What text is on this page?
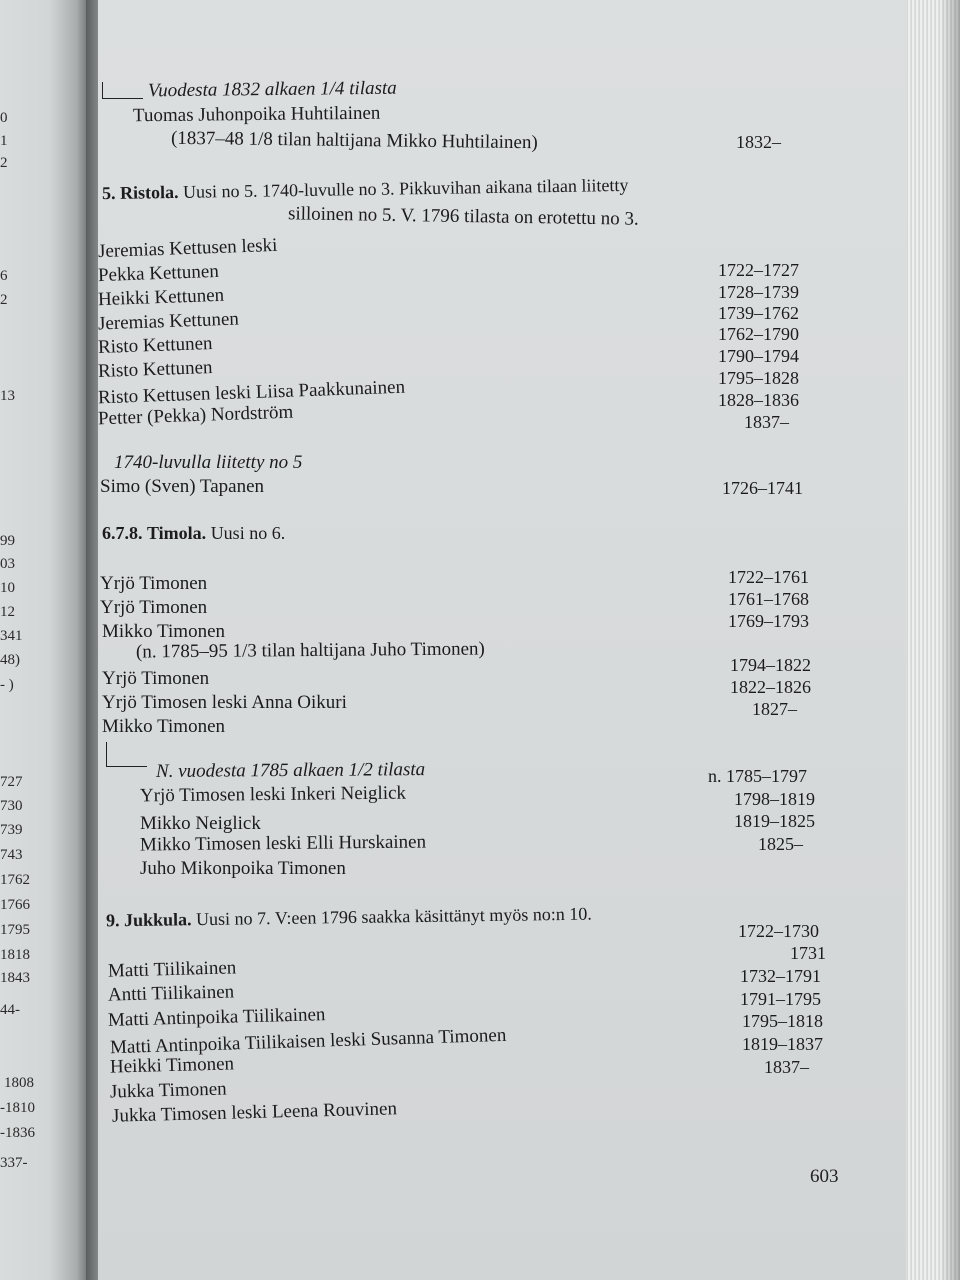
0
1
2
6
2
13
99
03
10
12
341
48)
- )
727
730
739
743
1762
1766
1795
1818
1843
44-
1808
-1810
-1836
337-
Vuodesta 1832 alkaen 1/4 tilasta
Tuomas Juhonpoika Huhtilainen
(1837–48 1/8 tilan haltijana Mikko Huhtilainen)	1832–
5. Ristola. Uusi no 5. 1740-luvulle no 3. Pikkuvihan aikana tilaan liitetty
silloinen no 5. V. 1796 tilasta on erotettu no 3.
Jeremias Kettusen leski
Pekka Kettunen
Heikki Kettunen
Jeremias Kettunen
Risto Kettunen
Risto Kettunen
Risto Kettusen leski Liisa Paakkunainen
Petter (Pekka) Nordström
1722–1727
1728–1739
1739–1762
1762–1790
1790–1794
1795–1828
1828–1836
1837–
1740-luvulla liitetty no 5
Simo (Sven) Tapanen	1726–1741
6.7.8. Timola. Uusi no 6.
Yrjö Timonen
Yrjö Timonen
Mikko Timonen
(n. 1785–95 1/3 tilan haltijana Juho Timonen)
Yrjö Timonen
Yrjö Timosen leski Anna Oikuri
Mikko Timonen
1722–1761
1761–1768
1769–1793
1794–1822
1822–1826
1827–
N. vuodesta 1785 alkaen 1/2 tilasta
Yrjö Timosen leski Inkeri Neiglick
Mikko Neiglick
Mikko Timosen leski Elli Hurskainen
Juho Mikonpoika Timonen
n. 1785–1797
1798–1819
1819–1825
1825–
9. Jukkula. Uusi no 7. V:een 1796 saakka käsittänyt myös no:n 10.
Matti Tiilikainen
Antti Tiilikainen
Matti Antinpoika Tiilikainen
Matti Antinpoika Tiilikaisen leski Susanna Timonen
Heikki Timonen
Jukka Timonen
Jukka Timosen leski Leena Rouvinen
1722–1730
1731
1732–1791
1791–1795
1795–1818
1819–1837
1837–
603
